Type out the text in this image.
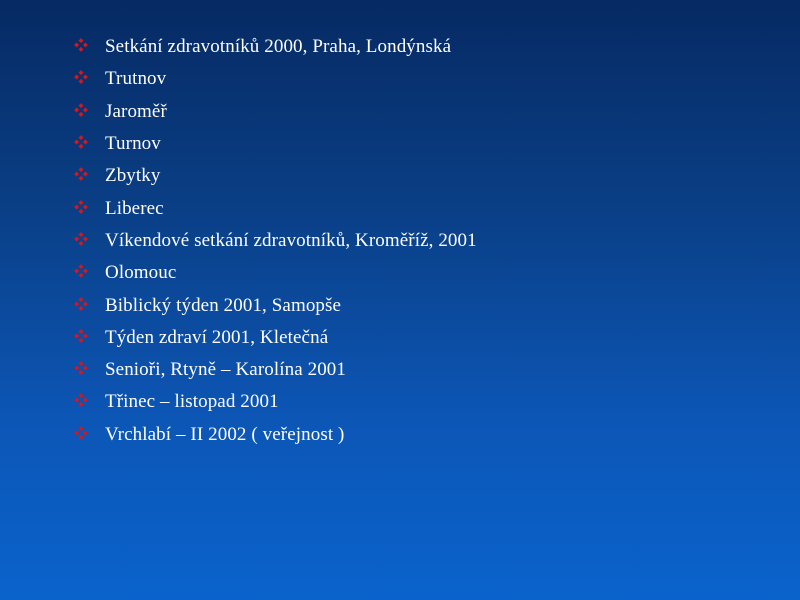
Setkání zdravotníků 2000, Praha, Londýnská
Trutnov
Jaroměř
Turnov
Zbytky
Liberec
Víkendové setkání zdravotníků, Kroměříž, 2001
Olomouc
Biblický týden 2001, Samopše
Týden zdraví 2001, Kletečná
Senioři, Rtyně – Karolína 2001
Třinec – listopad 2001
Vrchlabí – II 2002 ( veřejnost )
